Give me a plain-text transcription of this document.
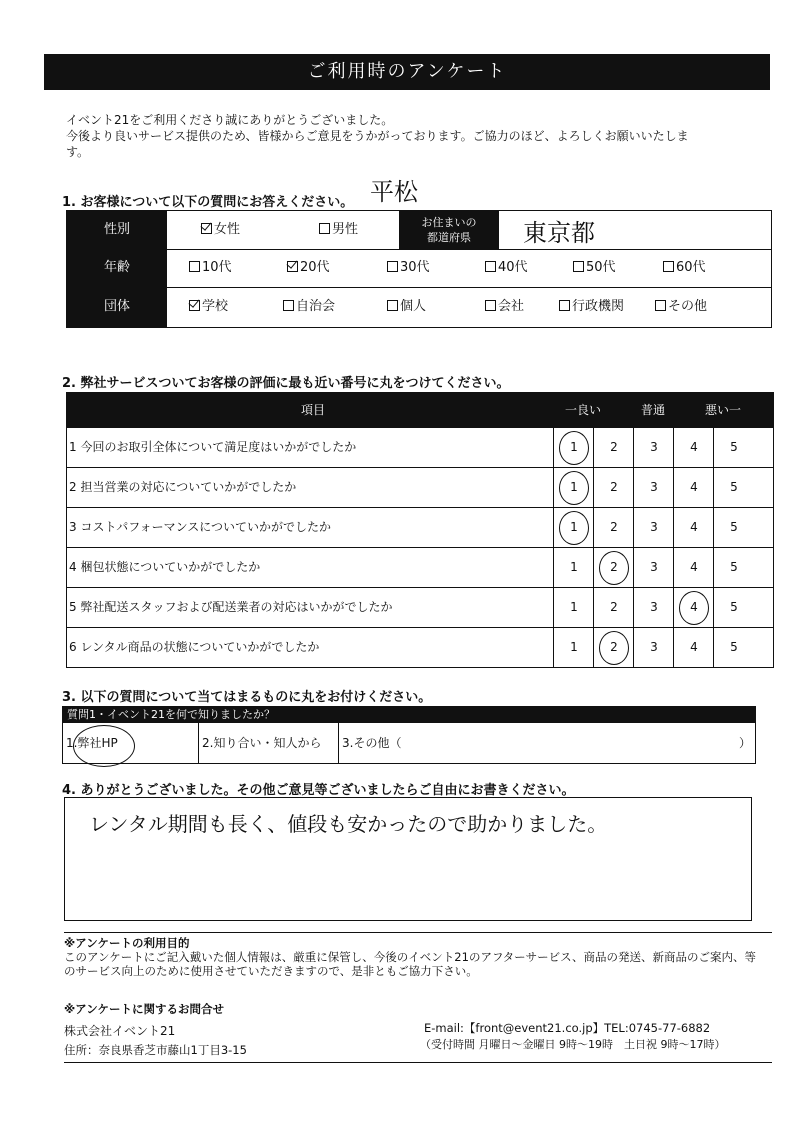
ご利用時のアンケート
イベント21をご利用くださり誠にありがとうございました。
今後より良いサービス提供のため、皆様からご意見をうかがっております。ご協力のほど、よろしくお願いいたしま
す。
1. お客様について以下の質問にお答えください。 平松
性別	女性	男性	お住まいの
都道府県	東京都
年齢	10代	20代	30代	40代	50代	60代
団体	学校	自治会	個人	会社	行政機関	その他
2. 弊社サービスついてお客様の評価に最も近い番号に丸をつけてください。
項目	一良い	普通	悪い一
1 今回のお取引全体について満足度はいかがでしたか	1	2	3	4	5
2 担当営業の対応についていかがでしたか	1	2	3	4	5
3 コストパフォーマンスについていかがでしたか	1	2	3	4	5
4 梱包状態についていかがでしたか	1	2	3	4	5
5 弊社配送スタッフおよび配送業者の対応はいかがでしたか	1	2	3	4	5
6 レンタル商品の状態についていかがでしたか	1	2	3	4	5
3. 以下の質問について当てはまるものに丸をお付けください。
質問1・イベント21を何で知りましたか？
1.弊社HP	2.知り合い・知人から	3.その他（	）
4. ありがとうございました。その他ご意見等ございましたらご自由にお書きください。
レンタル期間も長く、値段も安かったので助かりました。
※アンケートの利用目的
このアンケートにご記入戴いた個人情報は、厳重に保管し、今後のイベント21のアフターサービス、商品の発送、新商品のご案内、等のサービス向上のために使用させていただきますので、是非ともご協力下さい。
※アンケートに関するお問合せ
株式会社イベント21
住所：奈良県香芝市藤山1丁目3-15
E-mail:【front@event21.co.jp】TEL:0745-77-6882
（受付時間 月曜日～金曜日 9時～19時　土日祝 9時～17時）
